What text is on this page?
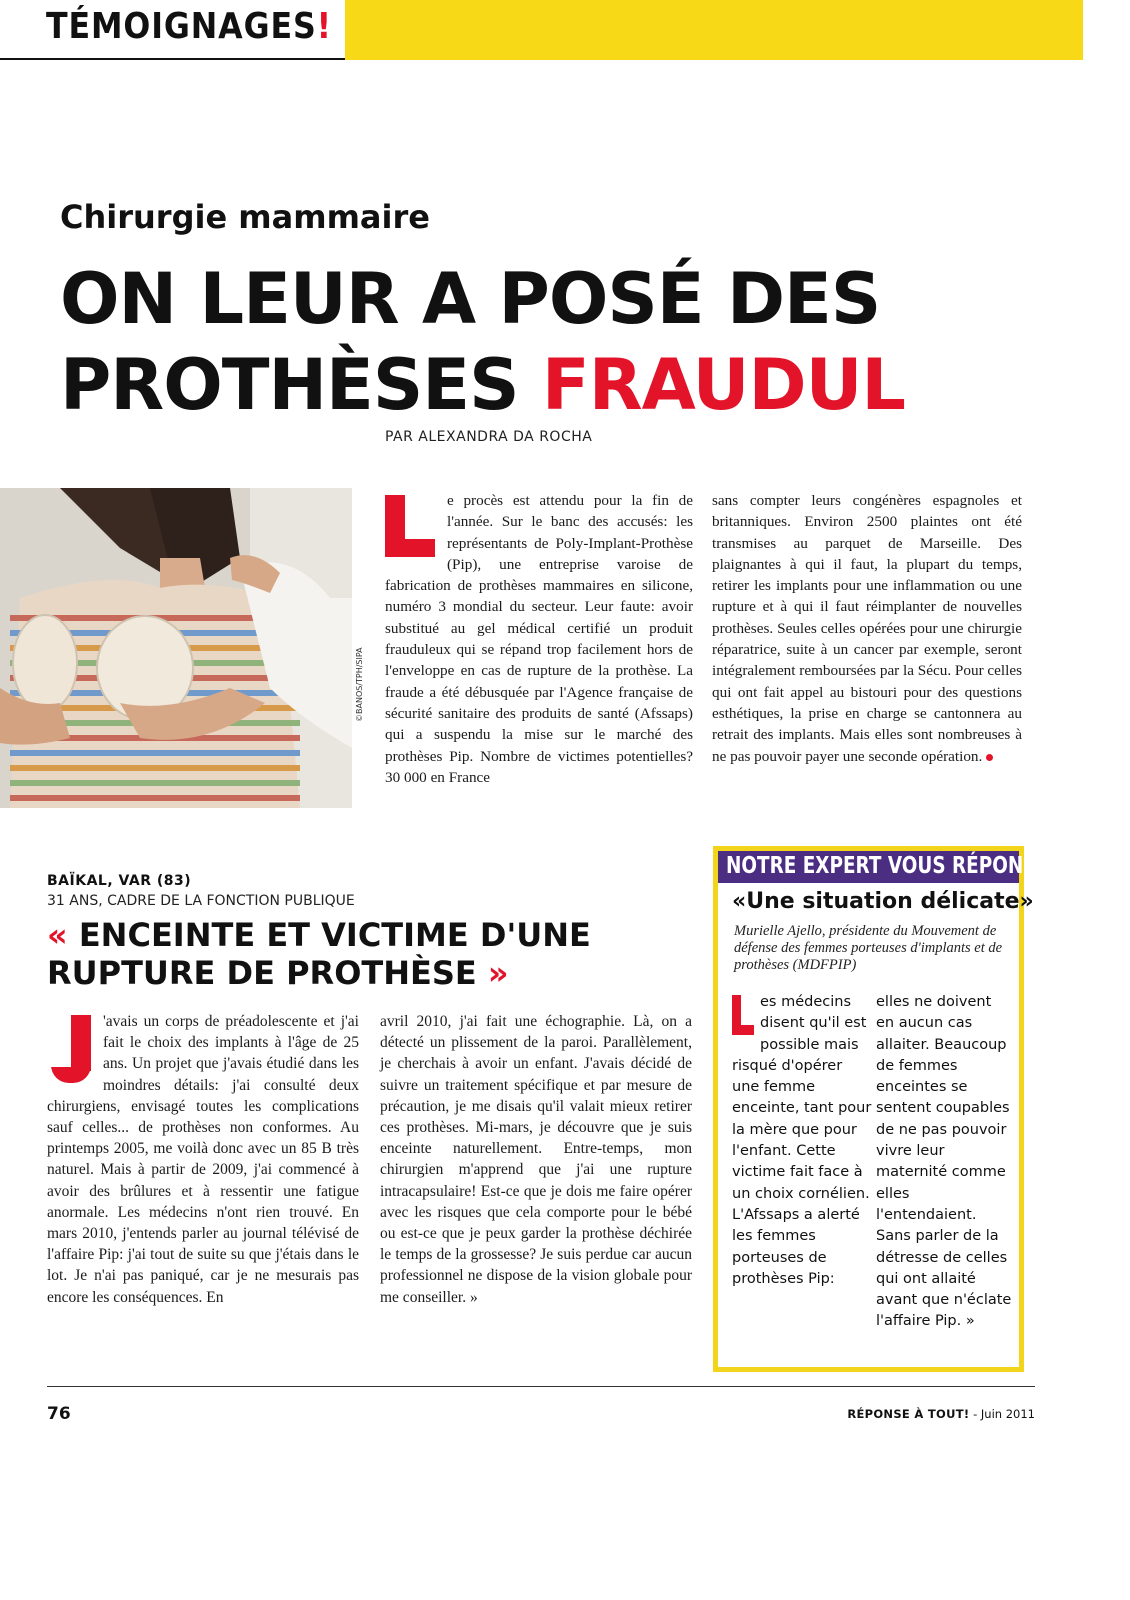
TÉMOIGNAGES!
Chirurgie mammaire
ON LEUR A POSÉ DES
PROTHÈSES FRAUDUL
PAR ALEXANDRA DA ROCHA
©BANOS/TPH/SIPA
e procès est attendu pour la fin de l'année. Sur le banc des accusés: les représentants de Poly-Implant-Prothèse (Pip), une entreprise varoise de fabrication de prothèses mammaires en silicone, numéro 3 mondial du secteur. Leur faute: avoir substitué au gel médical certifié un produit frauduleux qui se répand trop facilement hors de l'enveloppe en cas de rupture de la prothèse. La fraude a été débusquée par l'Agence française de sécurité sanitaire des produits de santé (Afssaps) qui a suspendu la mise sur le marché des prothèses Pip. Nombre de victimes potentielles? 30 000 en France
sans compter leurs congénères espagnoles et britanniques. Environ 2500 plaintes ont été transmises au parquet de Marseille. Des plaignantes à qui il faut, la plupart du temps, retirer les implants pour une inflammation ou une rupture et à qui il faut réimplanter de nouvelles prothèses. Seules celles opérées pour une chirurgie réparatrice, suite à un cancer par exemple, seront intégralement remboursées par la Sécu. Pour celles qui ont fait appel au bistouri pour des questions esthétiques, la prise en charge se cantonnera au retrait des implants. Mais elles sont nombreuses à ne pas pouvoir payer une seconde opération.
BAÏKAL, VAR (83)
31 ANS, CADRE DE LA FONCTION PUBLIQUE
« ENCEINTE ET VICTIME D'UNE RUPTURE DE PROTHÈSE »
'avais un corps de préadolescente et j'ai fait le choix des implants à l'âge de 25 ans. Un projet que j'avais étudié dans les moindres détails: j'ai consulté deux chirurgiens, envisagé toutes les complications sauf celles... de prothèses non conformes. Au printemps 2005, me voilà donc avec un 85 B très naturel. Mais à partir de 2009, j'ai commencé à avoir des brûlures et à ressentir une fatigue anormale. Les médecins n'ont rien trouvé. En mars 2010, j'entends parler au journal télévisé de l'affaire Pip: j'ai tout de suite su que j'étais dans le lot. Je n'ai pas paniqué, car je ne mesurais pas encore les conséquences. En
avril 2010, j'ai fait une échographie. Là, on a détecté un plissement de la paroi. Parallèlement, je cherchais à avoir un enfant. J'avais décidé de suivre un traitement spécifique et par mesure de précaution, je me disais qu'il valait mieux retirer ces prothèses. Mi-mars, je découvre que je suis enceinte naturellement. Entre-temps, mon chirurgien m'apprend que j'ai une rupture intracapsulaire! Est-ce que je dois me faire opérer avec les risques que cela comporte pour le bébé ou est-ce que je peux garder la prothèse déchirée le temps de la grossesse? Je suis perdue car aucun professionnel ne dispose de la vision globale pour me conseiller. »
NOTRE EXPERT VOUS RÉPOND
«Une situation délicate»
Murielle Ajello, présidente du Mouvement de défense des femmes porteuses d'implants et de prothèses (MDFPIP)
es médecins disent qu'il est possible mais risqué d'opérer une femme enceinte, tant pour la mère que pour l'enfant. Cette victime fait face à un choix cornélien. L'Afssaps a alerté les femmes porteuses de prothèses Pip:
elles ne doivent en aucun cas allaiter. Beaucoup de femmes enceintes se sentent coupables de ne pas pouvoir vivre leur maternité comme elles l'entendaient. Sans parler de la détresse de celles qui ont allaité avant que n'éclate l'affaire Pip. »
76	RÉPONSE À TOUT! - Juin 2011
